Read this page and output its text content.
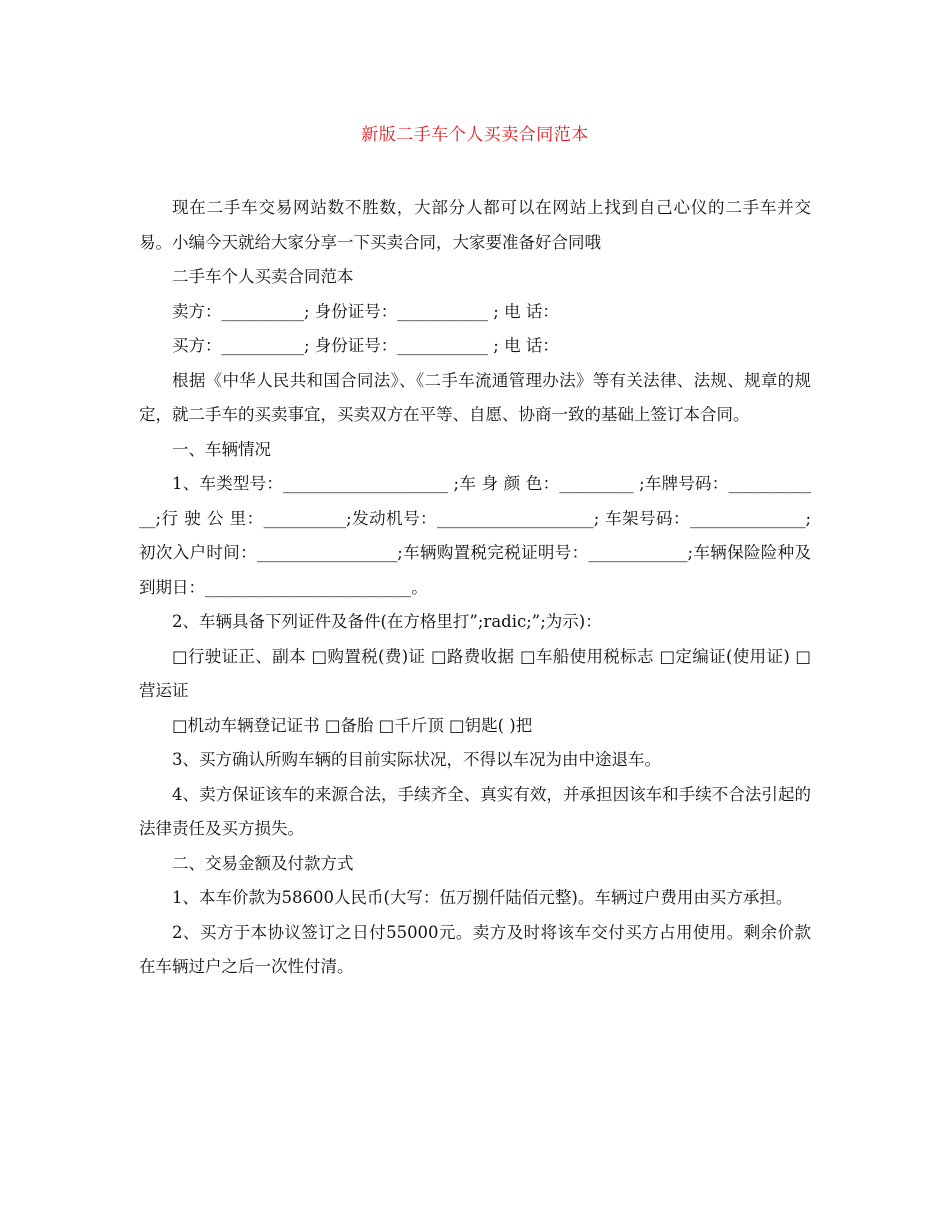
新版二手车个人买卖合同范本

现在二手车交易网站数不胜数，大部分人都可以在网站上找到自己心仪的二手车并交易。小编今天就给大家分享一下买卖合同，大家要准备好合同哦

二手车个人买卖合同范本

卖方：__________; 身份证号：___________ ; 电 话：

买方：__________; 身份证号：___________ ; 电 话：

根据《中华人民共和国合同法》、《二手车流通管理办法》等有关法律、法规、规章的规定，就二手车的买卖事宜，买卖双方在平等、自愿、协商一致的基础上签订本合同。

一、车辆情况

1、车类型号：____________________ ;车 身 颜 色：_________ ;车牌号码：____________;行 驶 公 里：__________;发动机号：___________________; 车架号码：______________;初次入户时间：_________________;车辆购置税完税证明号：____________;车辆保险险种及到期日：_________________________。

2、车辆具备下列证件及备件(在方格里打”;radic;”;为示)：

□行驶证正、副本 □购置税(费)证 □路费收据 □车船使用税标志 □定编证(使用证) □营运证

□机动车辆登记证书 □备胎 □千斤顶 □钥匙( )把

3、买方确认所购车辆的目前实际状况，不得以车况为由中途退车。

4、卖方保证该车的来源合法，手续齐全、真实有效，并承担因该车和手续不合法引起的法律责任及买方损失。

二、交易金额及付款方式

1、本车价款为58600人民币(大写：伍万捌仟陆佰元整)。车辆过户费用由买方承担。

2、买方于本协议签订之日付55000元。卖方及时将该车交付买方占用使用。剩余价款在车辆过户之后一次性付清。
